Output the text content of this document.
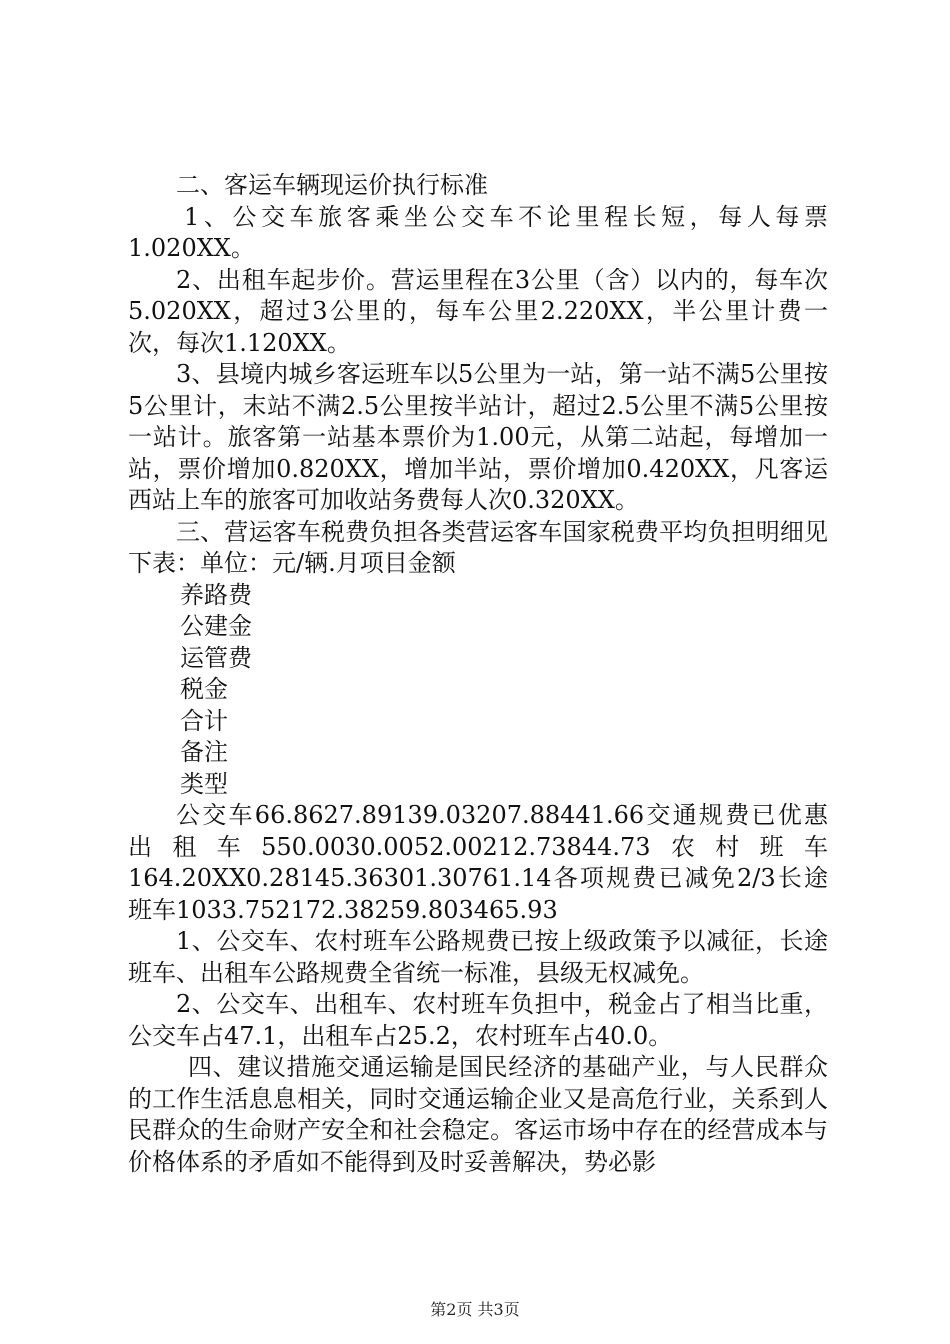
二、客运车辆现运价执行标准

1、公交车旅客乘坐公交车不论里程长短，每人每票1.020XX。

2、出租车起步价。营运里程在3公里（含）以内的，每车次5.020XX，超过3公里的，每车公里2.220XX，半公里计费一次，每次1.120XX。

3、县境内城乡客运班车以5公里为一站，第一站不满5公里按5公里计，末站不满2.5公里按半站计，超过2.5公里不满5公里按一站计。旅客第一站基本票价为1.00元，从第二站起，每增加一站，票价增加0.820XX，增加半站，票价增加0.420XX，凡客运西站上车的旅客可加收站务费每人次0.320XX。

三、营运客车税费负担各类营运客车国家税费平均负担明细见下表：单位：元/辆.月项目金额

养路费

公建金

运管费

税金

合计

备注

类型

公交车66.8627.89139.03207.88441.66交通规费已优惠出租车550.0030.0052.00212.73844.73农村班车164.20XX0.28145.36301.30761.14各项规费已减免2/3长途班车1033.752172.38259.803465.93

1、公交车、农村班车公路规费已按上级政策予以减征，长途班车、出租车公路规费全省统一标准，县级无权减免。

2、公交车、出租车、农村班车负担中，税金占了相当比重，公交车占47.1，出租车占25.2，农村班车占40.0。

四、建议措施交通运输是国民经济的基础产业，与人民群众的工作生活息息相关，同时交通运输企业又是高危行业，关系到人民群众的生命财产安全和社会稳定。客运市场中存在的经营成本与价格体系的矛盾如不能得到及时妥善解决，势必影

第2页 共3页
